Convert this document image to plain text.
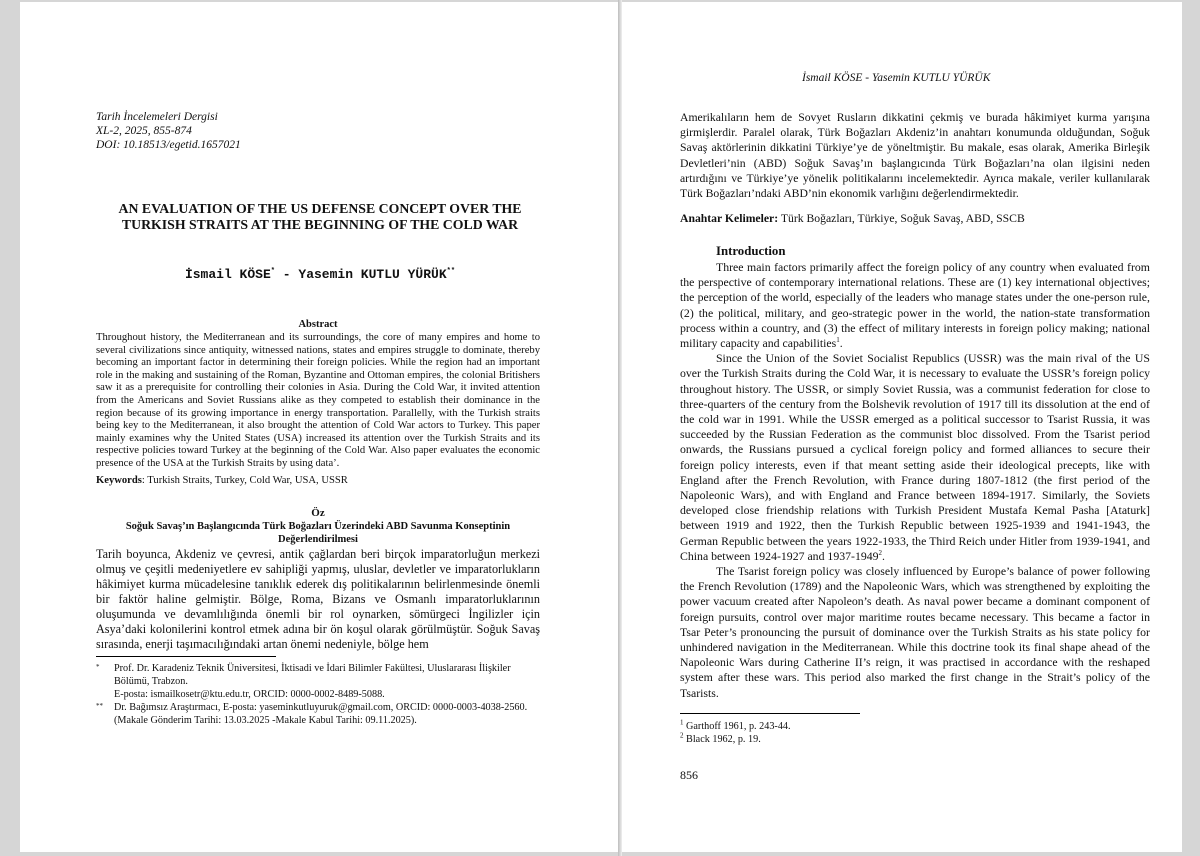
Tarih İncelemeleri Dergisi
XL-2, 2025, 855-874
DOI: 10.18513/egetid.1657021
AN EVALUATION OF THE US DEFENSE CONCEPT OVER THE
TURKISH STRAITS AT THE BEGINNING OF THE COLD WAR
İsmail KÖSE* - Yasemin KUTLU YÜRÜK**
Abstract

Throughout history, the Mediterranean and its surroundings, the core of many empires and home to several civilizations since antiquity, witnessed nations, states and empires struggle to dominate, thereby becoming an important factor in determining their foreign policies. While the region had an important role in the making and sustaining of the Roman, Byzantine and Ottoman empires, the colonial Britishers saw it as a prerequisite for controlling their colonies in Asia. During the Cold War, it invited attention from the Americans and Soviet Russians alike as they competed to establish their dominance in the region because of its growing importance in energy transportation. Parallelly, with the Turkish straits being key to the Mediterranean, it also brought the attention of Cold War actors to Turkey. This paper mainly examines why the United States (USA) increased its attention over the Turkish Straits and its respective policies toward Turkey at the beginning of the Cold War. Also paper evaluates the economic presence of the USA at the Turkish Straits by using data’.

Keywords: Turkish Straits, Turkey, Cold War, USA, USSR
Öz
Soğuk Savaş’ın Başlangıcında Türk Boğazları Üzerindeki ABD Savunma Konseptinin Değerlendirilmesi
Tarih boyunca, Akdeniz ve çevresi, antik çağlardan beri birçok imparatorluğun merkezi olmuş ve çeşitli medeniyetlere ev sahipliği yapmış, uluslar, devletler ve imparatorlukların hâkimiyet kurma mücadelesine tanıklık ederek dış politikalarının belirlenmesinde önemli bir faktör haline gelmiştir. Bölge, Roma, Bizans ve Osmanlı imparatorluklarının oluşumunda ve devamlılığında önemli bir rol oynarken, sömürgeci İngilizler için Asya’daki kolonilerini kontrol etmek adına bir ön koşul olarak görülmüştür. Soğuk Savaş sırasında, enerji taşımacılığındaki artan önemi nedeniyle, bölge hem
*	Prof. Dr. Karadeniz Teknik Üniversitesi, İktisadi ve İdari Bilimler Fakültesi, Uluslararası İlişkiler Bölümü, Trabzon.
E-posta: ismailkosetr@ktu.edu.tr, ORCID: 0000-0002-8489-5088.
**	Dr. Bağımsız Araştırmacı, E-posta: yaseminkutluyuruk@gmail.com, ORCID: 0000-0003-4038-2560.
(Makale Gönderim Tarihi: 13.03.2025 -Makale Kabul Tarihi: 09.11.2025).
İsmail KÖSE - Yasemin KUTLU YÜRÜK
Amerikalıların hem de Sovyet Rusların dikkatini çekmiş ve burada hâkimiyet kurma yarışına girmişlerdir. Paralel olarak, Türk Boğazları Akdeniz’in anahtarı konumunda olduğundan, Soğuk Savaş aktörlerinin dikkatini Türkiye’ye de yöneltmiştir. Bu makale, esas olarak, Amerika Birleşik Devletleri’nin (ABD) Soğuk Savaş’ın başlangıcında Türk Boğazları’na olan ilgisini neden artırdığını ve Türkiye’ye yönelik politikalarını incelemektedir. Ayrıca makale, veriler kullanılarak Türk Boğazları’ndaki ABD’nin ekonomik varlığını değerlendirmektedir.
Anahtar Kelimeler: Türk Boğazları, Türkiye, Soğuk Savaş, ABD, SSCB
Introduction

Three main factors primarily affect the foreign policy of any country when evaluated from the perspective of contemporary international relations. These are (1) key international objectives; the perception of the world, especially of the leaders who manage states under the one-person rule, (2) the political, military, and geo-strategic power in the world, the nation-state transformation process within a country, and (3) the effect of military interests in foreign policy making; national military capacity and capabilities$^1$.

Since the Union of the Soviet Socialist Republics (USSR) was the main rival of the US over the Turkish Straits during the Cold War, it is necessary to evaluate the USSR’s foreign policy throughout history. The USSR, or simply Soviet Russia, was a communist federation for close to three-quarters of the century from the Bolshevik revolution of 1917 till its dissolution at the end of the cold war in 1991. While the USSR emerged as a political successor to Tsarist Russia, it was succeeded by the Russian Federation as the communist bloc dissolved. From the Tsarist period onwards, the Russians pursued a cyclical foreign policy and formed alliances to secure their foreign policy interests, even if that meant setting aside their ideological precepts, like with England after the French Revolution, with France during 1807-1812 (the first period of the Napoleonic Wars), and with England and France between 1894-1917. Similarly, the Soviets developed close friendship relations with Turkish President Mustafa Kemal Pasha [Ataturk] between 1919 and 1922, then the Turkish Republic between 1925-1939 and 1941-1943, the German Republic between the years 1922-1933, the Third Reich under Hitler from 1939-1941, and China between 1924-1927 and 1937-1949$^2$.

The Tsarist foreign policy was closely influenced by Europe’s balance of power following the French Revolution (1789) and the Napoleonic Wars, which was strengthened by exploiting the power vacuum created after Napoleon’s death. As naval power became a dominant component of foreign pursuits, control over major maritime routes became necessary. This became a factor in Tsar Peter’s pronouncing the pursuit of dominance over the Turkish Straits as his state policy for unhindered navigation in the Mediterranean. While this doctrine took its final shape ahead of the Napoleonic Wars during Catherine II’s reign, it was practised in accordance with the reshaped system after these wars. This period also marked the first change in the Strait’s policy of the Tsarists.

$^1$ Garthoff 1961, p. 243-44.
$^2$ Black 1962, p. 19.
856
